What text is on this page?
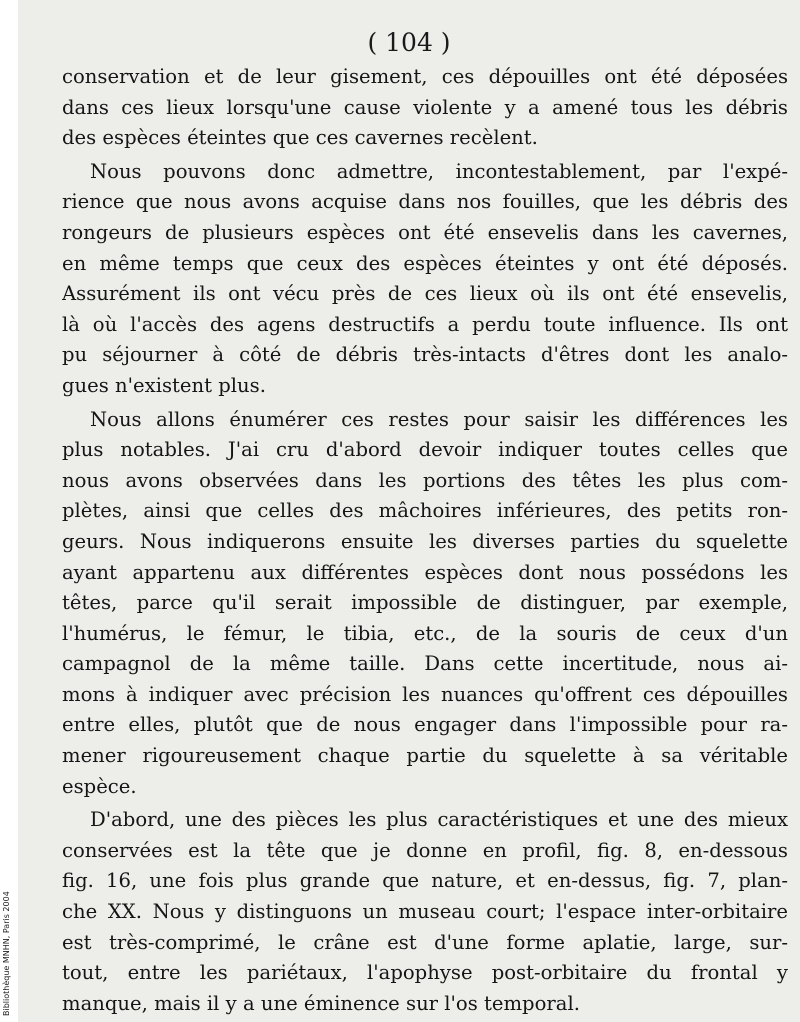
Bibliothèque MNHN, Paris 2004
( 104 )
conservation et de leur gisement, ces dépouilles ont été déposées
dans ces lieux lorsqu'une cause violente y a amené tous les débris
des espèces éteintes que ces cavernes recèlent.
Nous pouvons donc admettre, incontestablement, par l'expé-
rience que nous avons acquise dans nos fouilles, que les débris des
rongeurs de plusieurs espèces ont été ensevelis dans les cavernes,
en même temps que ceux des espèces éteintes y ont été déposés.
Assurément ils ont vécu près de ces lieux où ils ont été ensevelis,
là où l'accès des agens destructifs a perdu toute influence. Ils ont
pu séjourner à côté de débris très-intacts d'êtres dont les analo-
gues n'existent plus.
Nous allons énumérer ces restes pour saisir les différences les
plus notables. J'ai cru d'abord devoir indiquer toutes celles que
nous avons observées dans les portions des têtes les plus com-
plètes, ainsi que celles des mâchoires inférieures, des petits ron-
geurs. Nous indiquerons ensuite les diverses parties du squelette
ayant appartenu aux différentes espèces dont nous possédons les
têtes, parce qu'il serait impossible de distinguer, par exemple,
l'humérus, le fémur, le tibia, etc., de la souris de ceux d'un
campagnol de la même taille. Dans cette incertitude, nous ai-
mons à indiquer avec précision les nuances qu'offrent ces dépouilles
entre elles, plutôt que de nous engager dans l'impossible pour ra-
mener rigoureusement chaque partie du squelette à sa véritable
espèce.
D'abord, une des pièces les plus caractéristiques et une des mieux
conservées est la tête que je donne en profil, fig. 8, en-dessous
fig. 16, une fois plus grande que nature, et en-dessus, fig. 7, plan-
che XX. Nous y distinguons un museau court; l'espace inter-orbitaire
est très-comprimé, le crâne est d'une forme aplatie, large, sur-
tout, entre les pariétaux, l'apophyse post-orbitaire du frontal y
manque, mais il y a une éminence sur l'os temporal.
